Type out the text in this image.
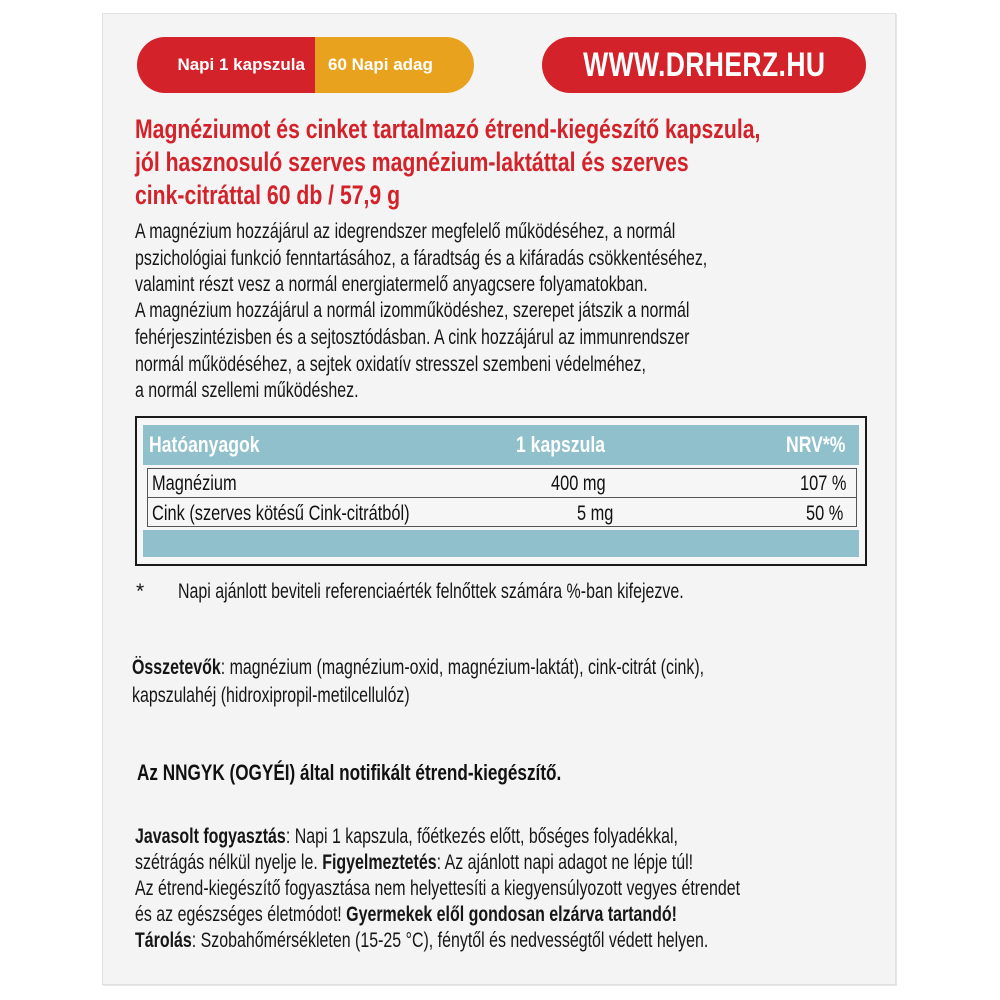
Napi 1 kapszula 60 Napi adag	WWW.DRHERZ.HU
Magnéziumot és cinket tartalmazó étrend-kiegészítő kapszula,
jól hasznosuló szerves magnézium-laktáttal és szerves
cink-citráttal 60 db / 57,9 g
A magnézium hozzájárul az idegrendszer megfelelő működéséhez, a normál
pszichológiai funkció fenntartásához, a fáradtság és a kifáradás csökkentéséhez,
valamint részt vesz a normál energiatermelő anyagcsere folyamatokban.
A magnézium hozzájárul a normál izomműködéshez, szerepet játszik a normál
fehérjeszintézisben és a sejtosztódásban. A cink hozzájárul az immunrendszer
normál működéséhez, a sejtek oxidatív stresszel szembeni védelméhez,
a normál szellemi működéshez.
Hatóanyagok	1 kapszula	NRV*%
Magnézium	400 mg	107 %
Cink (szerves kötésű Cink-citrátból)	5 mg	50 %
* Napi ajánlott beviteli referenciaérték felnőttek számára %-ban kifejezve.
Összetevők: magnézium (magnézium-oxid, magnézium-laktát), cink-citrát (cink),
kapszulahéj (hidroxipropil-metilcellulóz)
Az NNGYK (OGYÉI) által notifikált étrend-kiegészítő.
Javasolt fogyasztás: Napi 1 kapszula, főétkezés előtt, bőséges folyadékkal,
szétrágás nélkül nyelje le. Figyelmeztetés: Az ajánlott napi adagot ne lépje túl!
Az étrend-kiegészítő fogyasztása nem helyettesíti a kiegyensúlyozott vegyes étrendet
és az egészséges életmódot! Gyermekek elől gondosan elzárva tartandó!
Tárolás: Szobahőmérsékleten (15-25 °C), fénytől és nedvességtől védett helyen.
